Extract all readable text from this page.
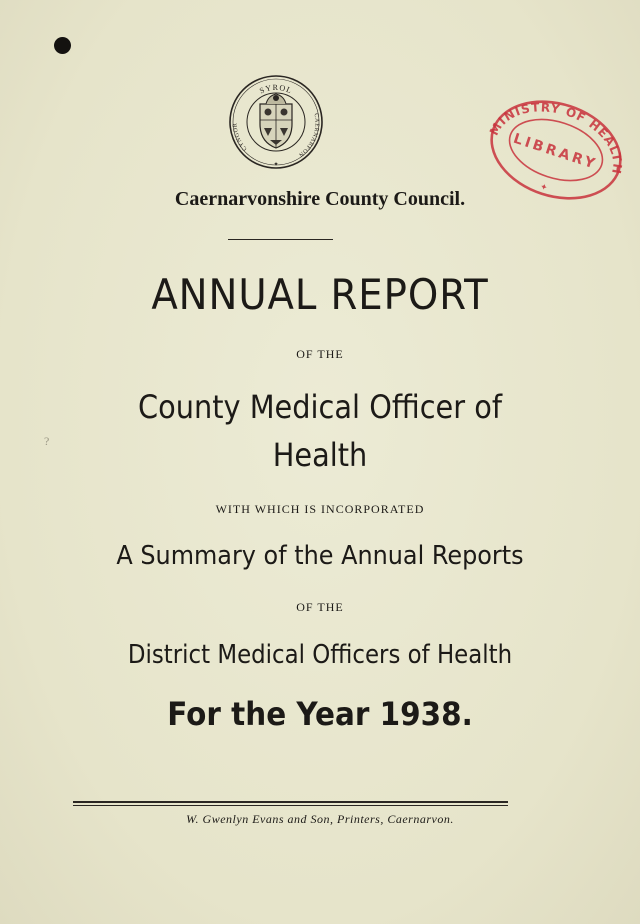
SYROL
CYNGOR
CAERNARFON
✦
MINISTRY OF HEALTH
LIBRARY
✦
Caernarvonshire County Council.
ANNUAL REPORT
OF THE
County Medical Officer of
Health
WITH WHICH IS INCORPORATED
A Summary of the Annual Reports
OF THE
District Medical Officers of Health
For the Year 1938.
W. Gwenlyn Evans and Son, Printers, Caernarvon.
?
